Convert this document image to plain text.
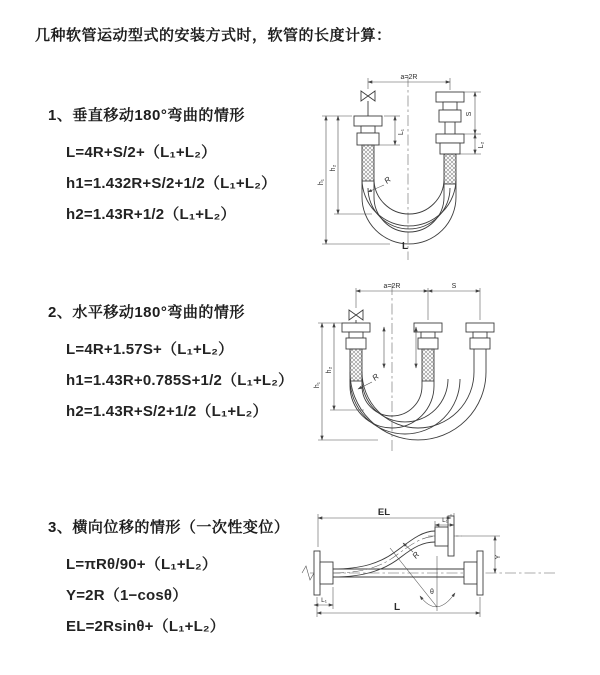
几种软管运动型式的安装方式时，软管的长度计算：
1、垂直移动180°弯曲的情形
L=4R+S/2+（L₁+L₂）
h1=1.432R+S/2+1/2（L₁+L₂）
h2=1.43R+1/2（L₁+L₂）
2、水平移动180°弯曲的情形
L=4R+1.57S+（L₁+L₂）
h1=1.43R+0.785S+1/2（L₁+L₂）
h2=1.43R+S/2+1/2（L₁+L₂）
3、横向位移的情形（一次性变位）
L=πRθ/90+（L₁+L₂）
Y=2R（1−cosθ）
EL=2Rsinθ+（L₁+L₂）
a=2R
R
L
h₂
h₁
L₁
S
L₂
a=2R	S
R
h₂
h₁
θ
R
EL
L₁
Y
L
L₁
